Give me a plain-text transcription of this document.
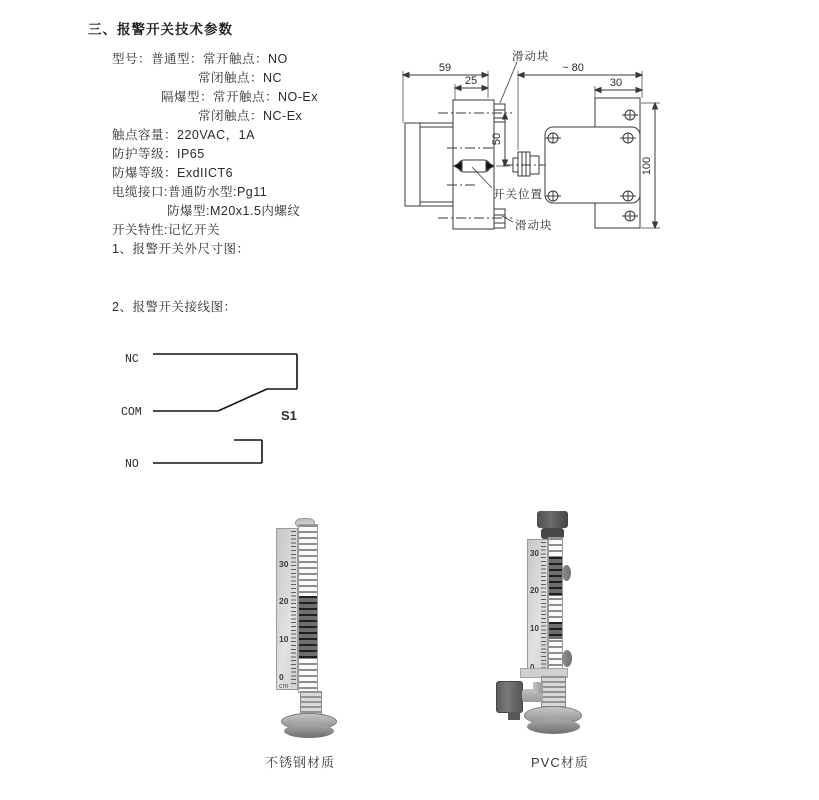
三、报警开关技术参数
型号：普通型：常开触点：NO
常闭触点：NC
隔爆型：常开触点：NO-Ex
常闭触点：NC-Ex
触点容量：220VAC，1A
防护等级：IP65
防爆等级：ExdIICT6
电缆接口:普通防水型:Pg11
防爆型:M20x1.5内螺纹
开关特性:记忆开关
1、报警开关外尺寸图：
2、报警开关接线图：
滑动块
开关位置
滑动块
59
25
50
~ 80
30
100
NC
COM
NO
S1
30
20
10
0
cm
不锈钢材质
30
20
10
PVC材质
